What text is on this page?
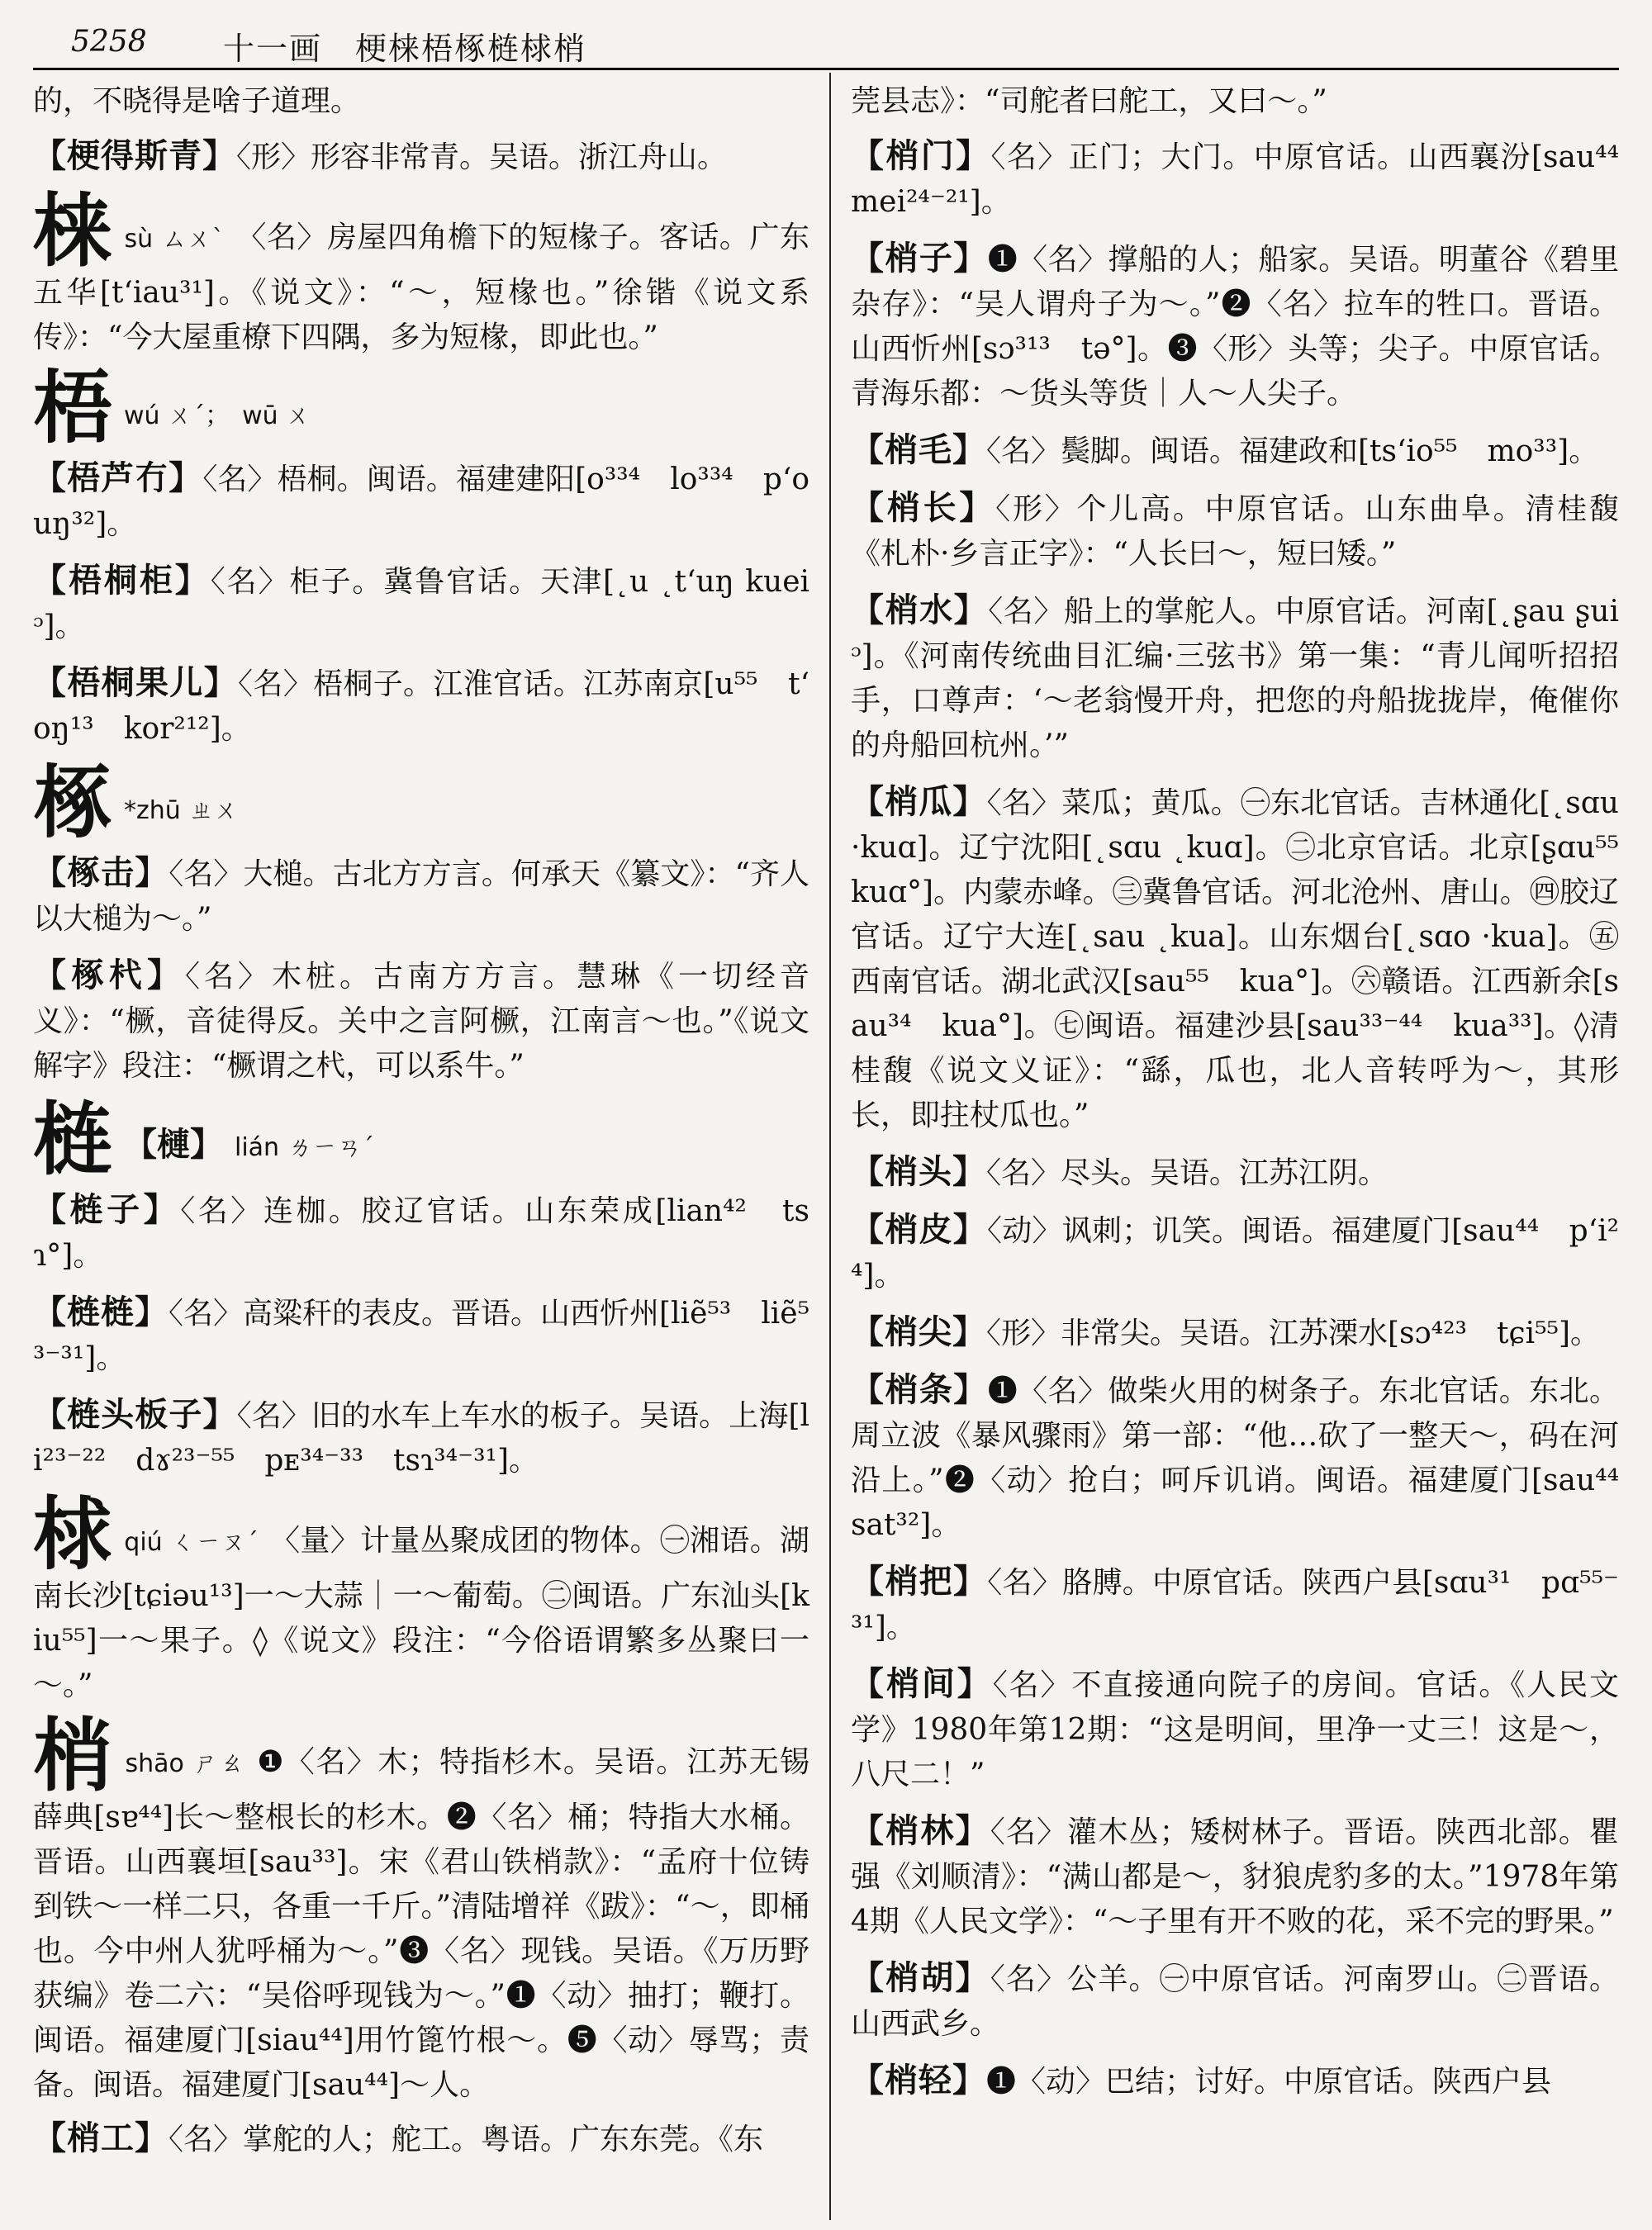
5258 十一画　梗梾梧椓梿梂梢

的，不晓得是啥子道理。

【梗得斯青】〈形〉形容非常青。吴语。浙江舟山。

梾sù ㄙㄨˋ 〈名〉房屋四角檐下的短椽子。客话。广东五华[tʻiau³¹]。《说文》：“～，短椽也。”徐锴《说文系传》：“今大屋重橑下四隅，多为短椽，即此也。”

梧wú ㄨˊ；　wū ㄨ

【梧芦冇】〈名〉梧桐。闽语。福建建阳[o³³⁴　lo³³⁴　pʻouŋ³²]。

【梧桐柜】〈名〉柜子。冀鲁官话。天津[˛u ˛tʻuŋ kueiᵓ]。

【梧桐果儿】〈名〉梧桐子。江淮官话。江苏南京[u⁵⁵　tʻoŋ¹³　kor²¹²]。

椓 *zhū ㄓㄨ

【椓击】〈名〉大槌。古北方方言。何承天《纂文》：“齐人以大槌为～。”

【椓杙】〈名〉木桩。古南方方言。慧琳《一切经音义》：“橛，音徒得反。关中之言阿橛，江南言～也。”《说文解字》段注：“橛谓之杙，可以系牛。”

梿 【槤】 lián ㄌㄧㄢˊ

【梿子】〈名〉连枷。胶辽官话。山东荣成[lian⁴²　tsɿ°]。

【梿梿】〈名〉高粱秆的表皮。晋语。山西忻州[liẽ⁵³　liẽ⁵³⁻³¹]。

【梿头板子】〈名〉旧的水车上车水的板子。吴语。上海[li²³⁻²²　dɤ²³⁻⁵⁵　pᴇ³⁴⁻³³　tsɿ³⁴⁻³¹]。

梂qiú ㄑㄧㄡˊ 〈量〉计量丛聚成团的物体。㊀湘语。湖南长沙[tɕiəu¹³]一～大蒜｜一～葡萄。㊁闽语。广东汕头[kiu⁵⁵]一～果子。◊《说文》段注：“今俗语谓繁多丛聚曰一～。”

梢shāo ㄕㄠ ❶〈名〉木；特指杉木。吴语。江苏无锡薛典[sɐ⁴⁴]长～整根长的杉木。❷〈名〉桶；特指大水桶。晋语。山西襄垣[sau³³]。宋《君山铁梢款》：“孟府十位铸到铁～一样二只，各重一千斤。”清陆增祥《跋》：“～，即桶也。今中州人犹呼桶为～。”❸〈名〉现钱。吴语。《万历野获编》卷二六：“吴俗呼现钱为～。”❶〈动〉抽打；鞭打。闽语。福建厦门[siau⁴⁴]用竹篦竹根～。❺〈动〉辱骂；责备。闽语。福建厦门[sau⁴⁴]～人。

【梢工】〈名〉掌舵的人；舵工。粤语。广东东莞。《东

莞县志》：“司舵者曰舵工，又曰～。”

【梢门】〈名〉正门；大门。中原官话。山西襄汾[sau⁴⁴　mei²⁴⁻²¹]。

【梢子】❶〈名〉撑船的人；船家。吴语。明董谷《碧里杂存》：“吴人谓舟子为～。”❷〈名〉拉车的牲口。晋语。山西忻州[sɔ³¹³　tə°]。❸〈形〉头等；尖子。中原官话。青海乐都：～货头等货｜人～人尖子。

【梢毛】〈名〉鬓脚。闽语。福建政和[tsʻio⁵⁵　mo³³]。

【梢长】〈形〉个儿高。中原官话。山东曲阜。清桂馥《札朴·乡言正字》：“人长曰～，短曰矮。”

【梢水】〈名〉船上的掌舵人。中原官话。河南[˛ʂau ʂuiᵓ]。《河南传统曲目汇编·三弦书》第一集：“青儿闻听招招手，口尊声：‘～老翁慢开舟，把您的舟船拢拢岸，俺催你的舟船回杭州。’”

【梢瓜】〈名〉菜瓜；黄瓜。㊀东北官话。吉林通化[˛sɑu ·kuɑ]。辽宁沈阳[˛sɑu ˛kuɑ]。㊁北京官话。北京[ʂɑu⁵⁵　kuɑ°]。内蒙赤峰。㊂冀鲁官话。河北沧州、唐山。㊃胶辽官话。辽宁大连[˛sau ˛kua]。山东烟台[˛sɑo ·kua]。㊄西南官话。湖北武汉[sau⁵⁵　kua°]。㊅赣语。江西新余[sau³⁴　kua°]。㊆闽语。福建沙县[sau³³⁻⁴⁴　kua³³]。◊清桂馥《说文义证》：“繇，瓜也，北人音转呼为～，其形长，即拄杖瓜也。”

【梢头】〈名〉尽头。吴语。江苏江阴。

【梢皮】〈动〉讽刺；讥笑。闽语。福建厦门[sau⁴⁴　pʻi²⁴]。

【梢尖】〈形〉非常尖。吴语。江苏溧水[sɔ⁴²³　tɕi⁵⁵]。

【梢条】❶〈名〉做柴火用的树条子。东北官话。东北。周立波《暴风骤雨》第一部：“他…砍了一整天～，码在河沿上。”❷〈动〉抢白；呵斥讥诮。闽语。福建厦门[sau⁴⁴　sat³²]。

【梢把】〈名〉胳膊。中原官话。陕西户县[sɑu³¹　pɑ⁵⁵⁻³¹]。

【梢间】〈名〉不直接通向院子的房间。官话。《人民文学》1980年第12期：“这是明间，里净一丈三！这是～，八尺二！”

【梢林】〈名〉灌木丛；矮树林子。晋语。陕西北部。瞿强《刘顺清》：“满山都是～，豺狼虎豹多的太。”1978年第4期《人民文学》：“～子里有开不败的花，采不完的野果。”

【梢胡】〈名〉公羊。㊀中原官话。河南罗山。㊁晋语。山西武乡。

【梢轻】❶〈动〉巴结；讨好。中原官话。陕西户县
